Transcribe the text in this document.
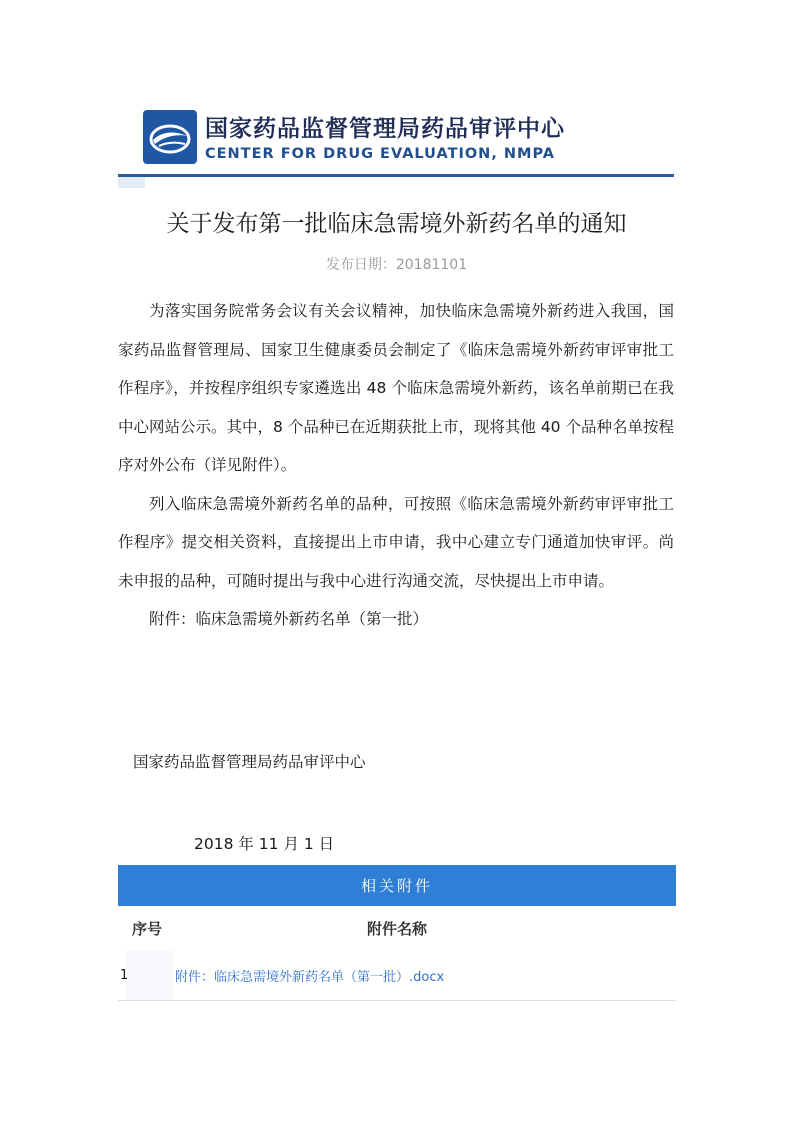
国家药品监督管理局药品审评中心
CENTER FOR DRUG EVALUATION, NMPA
关于发布第一批临床急需境外新药名单的通知
发布日期：20181101

为落实国务院常务会议有关会议精神，加快临床急需境外新药进入我国，国家药品监督管理局、国家卫生健康委员会制定了《临床急需境外新药审评审批工作程序》，并按程序组织专家遴选出 48 个临床急需境外新药，该名单前期已在我中心网站公示。其中，8 个品种已在近期获批上市，现将其他 40 个品种名单按程序对外公布（详见附件）。

列入临床急需境外新药名单的品种，可按照《临床急需境外新药审评审批工作程序》提交相关资料，直接提出上市申请，我中心建立专门通道加快审评。尚未申报的品种，可随时提出与我中心进行沟通交流，尽快提出上市申请。

附件：临床急需境外新药名单（第一批）

国家药品监督管理局药品审评中心
2018 年 11 月 1 日
相关附件
序号	附件名称
1	附件：临床急需境外新药名单（第一批）.docx
